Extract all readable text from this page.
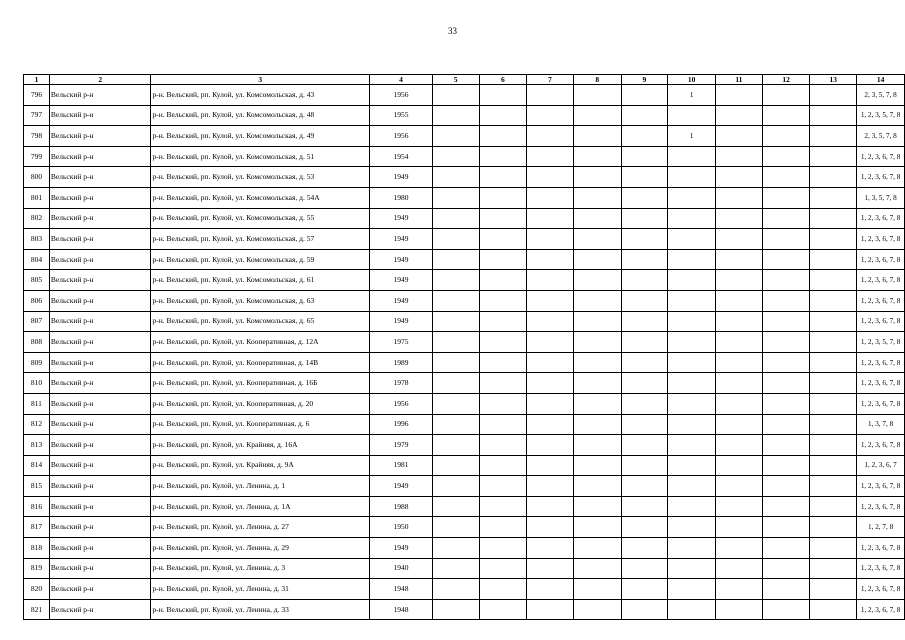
33
1	2	3	4	5	6	7	8	9	10	11	12	13	14
796	Вельский р-н	р-н. Вельский, рп. Кулой, ул. Комсомольская, д. 43	1956						1				2, 3, 5, 7, 8
797	Вельский р-н	р-н. Вельский, рп. Кулой, ул. Комсомольская, д. 48	1955										1, 2, 3, 5, 7, 8
798	Вельский р-н	р-н. Вельский, рп. Кулой, ул. Комсомольская, д. 49	1956						1				2, 3, 5, 7, 8
799	Вельский р-н	р-н. Вельский, рп. Кулой, ул. Комсомольская, д. 51	1954										1, 2, 3, 6, 7, 8
800	Вельский р-н	р-н. Вельский, рп. Кулой, ул. Комсомольская, д. 53	1949										1, 2, 3, 6, 7, 8
801	Вельский р-н	р-н. Вельский, рп. Кулой, ул. Комсомольская, д. 54А	1980										1, 3, 5, 7, 8
802	Вельский р-н	р-н. Вельский, рп. Кулой, ул. Комсомольская, д. 55	1949										1, 2, 3, 6, 7, 8
803	Вельский р-н	р-н. Вельский, рп. Кулой, ул. Комсомольская, д. 57	1949										1, 2, 3, 6, 7, 8
804	Вельский р-н	р-н. Вельский, рп. Кулой, ул. Комсомольская, д. 59	1949										1, 2, 3, 6, 7, 8
805	Вельский р-н	р-н. Вельский, рп. Кулой, ул. Комсомольская, д. 61	1949										1, 2, 3, 6, 7, 8
806	Вельский р-н	р-н. Вельский, рп. Кулой, ул. Комсомольская, д. 63	1949										1, 2, 3, 6, 7, 8
807	Вельский р-н	р-н. Вельский, рп. Кулой, ул. Комсомольская, д. 65	1949										1, 2, 3, 6, 7, 8
808	Вельский р-н	р-н. Вельский, рп. Кулой, ул. Кооперативная, д. 12А	1975										1, 2, 3, 5, 7, 8
809	Вельский р-н	р-н. Вельский, рп. Кулой, ул. Кооперативная, д. 14В	1989										1, 2, 3, 6, 7, 8
810	Вельский р-н	р-н. Вельский, рп. Кулой, ул. Кооперативная, д. 16Б	1978										1, 2, 3, 6, 7, 8
811	Вельский р-н	р-н. Вельский, рп. Кулой, ул. Кооперативная, д. 20	1956										1, 2, 3, 6, 7, 8
812	Вельский р-н	р-н. Вельский, рп. Кулой, ул. Кооперативная, д. 6	1996										1, 3, 7, 8
813	Вельский р-н	р-н. Вельский, рп. Кулой, ул. Крайняя, д. 16А	1979										1, 2, 3, 6, 7, 8
814	Вельский р-н	р-н. Вельский, рп. Кулой, ул. Крайняя, д. 9А	1981										1, 2, 3, 6, 7
815	Вельский р-н	р-н. Вельский, рп. Кулой, ул. Ленина, д. 1	1949										1, 2, 3, 6, 7, 8
816	Вельский р-н	р-н. Вельский, рп. Кулой, ул. Ленина, д. 1А	1988										1, 2, 3, 6, 7, 8
817	Вельский р-н	р-н. Вельский, рп. Кулой, ул. Ленина, д. 27	1950										1, 2, 7, 8
818	Вельский р-н	р-н. Вельский, рп. Кулой, ул. Ленина, д. 29	1949										1, 2, 3, 6, 7, 8
819	Вельский р-н	р-н. Вельский, рп. Кулой, ул. Ленина, д. 3	1940										1, 2, 3, 6, 7, 8
820	Вельский р-н	р-н. Вельский, рп. Кулой, ул. Ленина, д. 31	1948										1, 2, 3, 6, 7, 8
821	Вельский р-н	р-н. Вельский, рп. Кулой, ул. Ленина, д. 33	1948										1, 2, 3, 6, 7, 8
